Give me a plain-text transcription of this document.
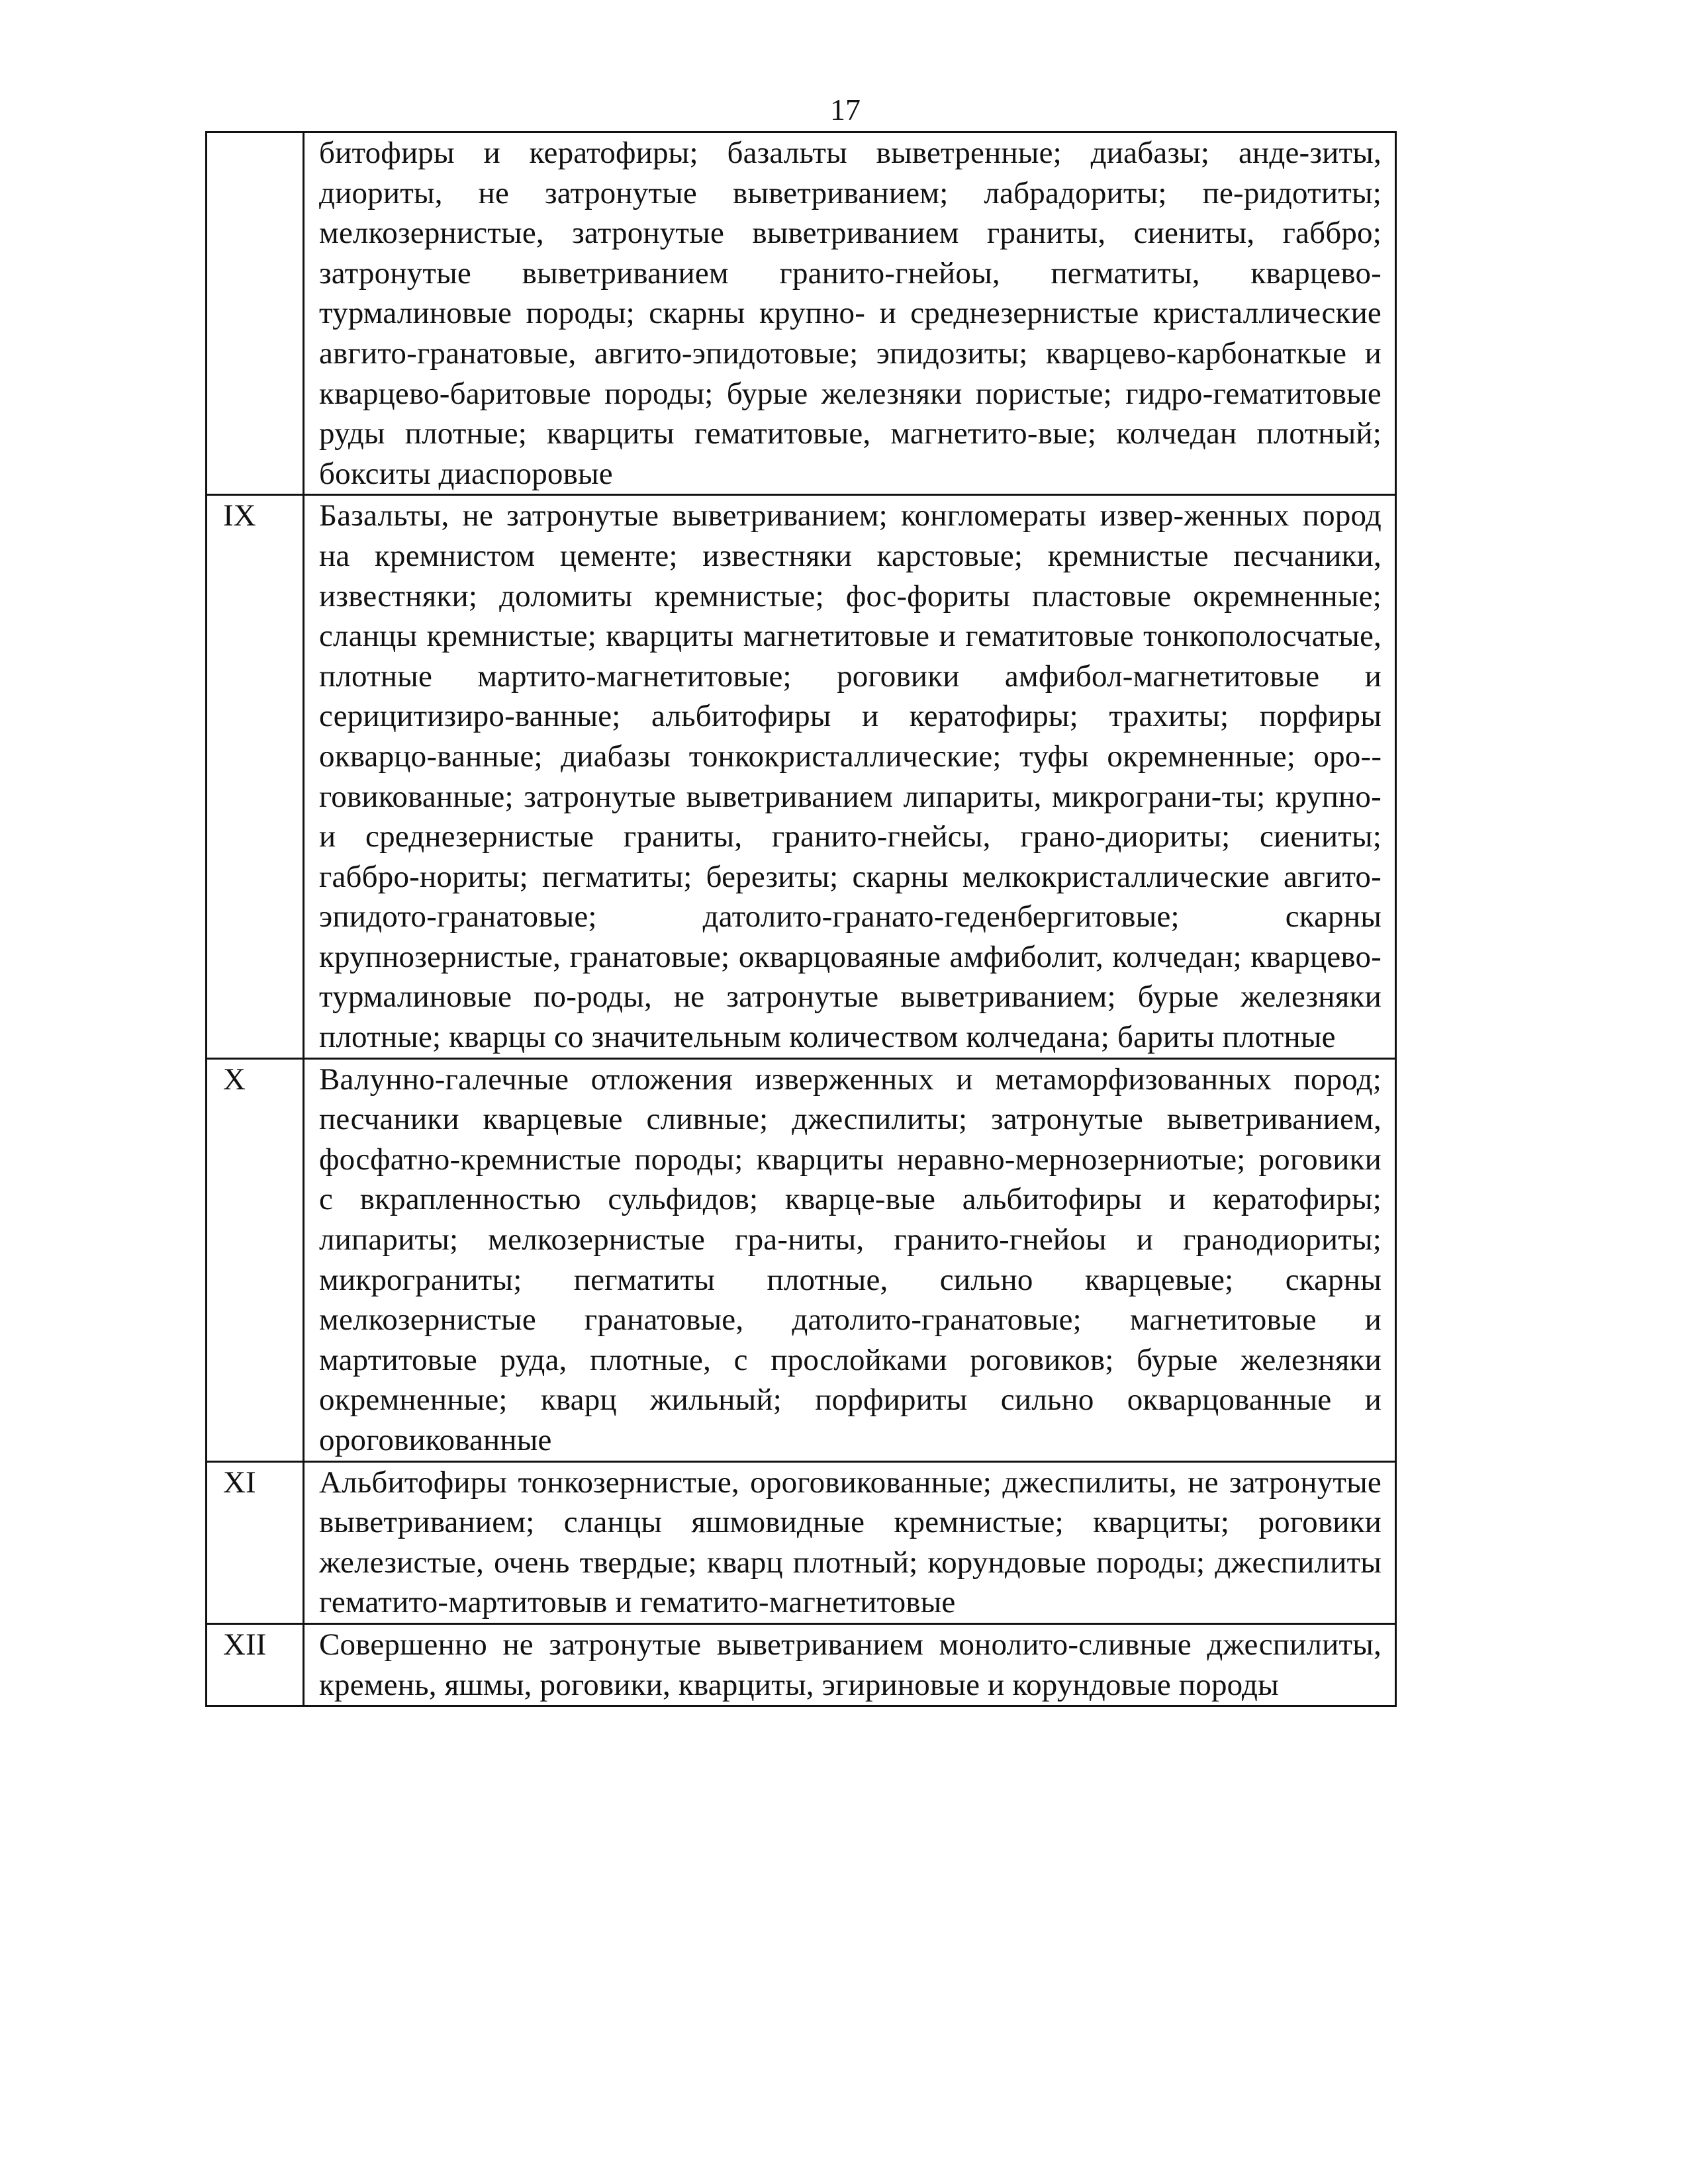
17
	битофиры и кератофиры; базальты выветренные; диабазы; анде-зиты, диориты, не затронутые выветриванием; лабрадориты; пе-ридотиты; мелкозернистые, затронутые выветриванием граниты, сиениты, габбро; затронутые выветриванием гранито-гнейоы, пегматиты, кварцево-турмалиновые породы; скарны крупно- и среднезернистые кристаллические авгито-гранатовые, авгито-эпидотовые; эпидозиты; кварцево-карбонаткые и кварцево-баритовые породы; бурые железняки пористые; гидро-гематитовые руды плотные; кварциты гематитовые, магнетито-вые; колчедан плотный; бокситы диаспоровые
IX	Базальты, не затронутые выветриванием; конгломераты извер-женных пород на кремнистом цементе; известняки карстовые; кремнистые песчаники, известняки; доломиты кремнистые; фос-фориты пластовые окремненные; сланцы кремнистые; кварциты магнетитовые и гематитовые тонкополосчатые, плотные мартито-магнетитовые; роговики амфибол-магнетитовые и серицитизиро-ванные; альбитофиры и кератофиры; трахиты; порфиры окварцо-ванные; диабазы тонкокристаллические; туфы окремненные; оро-говикованные; затронутые выветриванием липариты, микрограни-ты; крупно- и среднезернистые граниты, гранито-гнейсы, грано-диориты; сиениты; габбро-нориты; пегматиты; березиты; скарны мелкокристаллические авгито-эпидото-гранатовые; датолито-гранато-геденбергитовые; скарны крупнозернистые, гранатовые; окварцоваяные амфиболит, колчедан; кварцево-турмалиновые по-роды, не затронутые выветриванием; бурые железняки плотные; кварцы со значительным количеством колчедана; бариты плотные
X	Валунно-галечные отложения изверженных и метаморфизованных пород; песчаники кварцевые сливные; джеспилиты; затронутые выветриванием, фосфатно-кремнистые породы; кварциты неравно-мернозерниотые; роговики с вкрапленностью сульфидов; кварце-вые альбитофиры и кератофиры; липариты; мелкозернистые гра-ниты, гранито-гнейоы и гранодиориты; микрограниты; пегматиты плотные, сильно кварцевые; скарны мелкозернистые гранатовые, датолито-гранатовые; магнетитовые и мартитовые руда, плотные, с прослойками роговиков; бурые железняки окремненные; кварц жильный; порфириты сильно окварцованные и ороговикованные
XI	Альбитофиры тонкозернистые, ороговикованные; джеспилиты, не затронутые выветриванием; сланцы яшмовидные кремнистые; кварциты; роговики железистые, очень твердые; кварц плотный; корундовые породы; джеспилиты гематито-мартитовыв и гематито-магнетитовые
XII	Совершенно не затронутые выветриванием монолито-сливные джеспилиты, кремень, яшмы, роговики, кварциты, эгириновые и корундовые породы
